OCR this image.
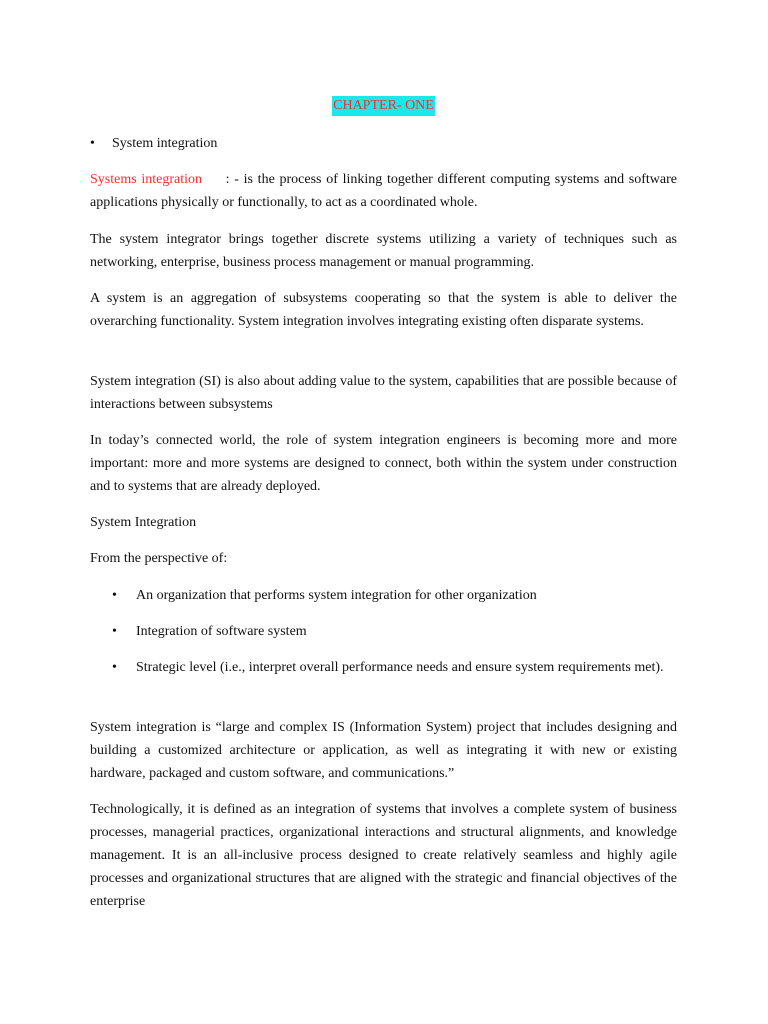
CHAPTER- ONE
• System integration

Systems integration     : - is the process of linking together different computing systems and software applications physically or functionally, to act as a coordinated whole.

The system integrator brings together discrete systems utilizing a variety of techniques such as networking, enterprise, business process management or manual programming.

A system is an aggregation of subsystems cooperating so that the system is able to deliver the overarching functionality. System integration involves integrating existing often disparate systems.

System integration (SI) is also about adding value to the system, capabilities that are possible because of interactions between subsystems

In today’s connected world, the role of system integration engineers is becoming more and more important: more and more systems are designed to connect, both within the system under construction and to systems that are already deployed.

System Integration

From the perspective of:

• An organization that performs system integration for other organization
• Integration of software system
• Strategic level (i.e., interpret overall performance needs and ensure system requirements met).

System integration is “large and complex IS (Information System) project that includes designing and building a customized architecture or application, as well as integrating it with new or existing hardware, packaged and custom software, and communications.”

Technologically, it is defined as an integration of systems that involves a complete system of business processes, managerial practices, organizational interactions and structural alignments, and knowledge management. It is an all-inclusive process designed to create relatively seamless and highly agile processes and organizational structures that are aligned with the strategic and financial objectives of the enterprise
